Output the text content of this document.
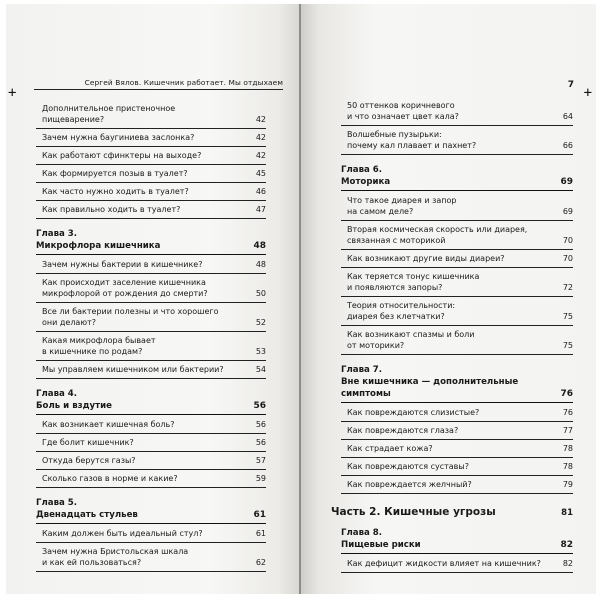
+
Сергей Вялов. Кишечник работает. Мы отдыхаем
Дополнительное пристеночное
пищеварение?	42
Зачем нужна баугиниева заслонка?	42
Как работают сфинктеры на выходе?	42
Как формируется позыв в туалет?	45
Как часто нужно ходить в туалет?	46
Как правильно ходить в туалет?	47
Глава 3.
Микрофлора кишечника	48
Зачем нужны бактерии в кишечнике?	48
Как происходит заселение кишечника
микрофлорой от рождения до смерти?	50
Все ли бактерии полезны и что хорошего
они делают?	52
Какая микрофлора бывает
в кишечнике по родам?	53
Мы управляем кишечником или бактерии?	54
Глава 4.
Боль и вздутие	56
Как возникает кишечная боль?	56
Где болит кишечник?	56
Откуда берутся газы?	57
Сколько газов в норме и какие?	59
Глава 5.
Двенадцать стульев	61
Каким должен быть идеальный стул?	61
Зачем нужна Бристольская шкала
и как ей пользоваться?	62
7 +
50 оттенков коричневого
и что означает цвет кала?	64
Волшебные пузырьки:
почему кал плавает и пахнет?	66
Глава 6.
Моторика	69
Что такое диарея и запор
на самом деле?	69
Вторая космическая скорость или диарея,
связанная с моторикой	70
Как возникают другие виды диареи?	70
Как теряется тонус кишечника
и появляются запоры?	72
Теория относительности:
диарея без клетчатки?	75
Как возникают спазмы и боли
от моторики?	75
Глава 7.
Вне кишечника — дополнительные
симптомы	76
Как повреждаются слизистые?	76
Как повреждаются глаза?	77
Как страдает кожа?	78
Как повреждаются суставы?	78
Как повреждается желчный?	79
Часть 2. Кишечные угрозы	81
Глава 8.
Пищевые риски	82
Как дефицит жидкости влияет на кишечник?	82
